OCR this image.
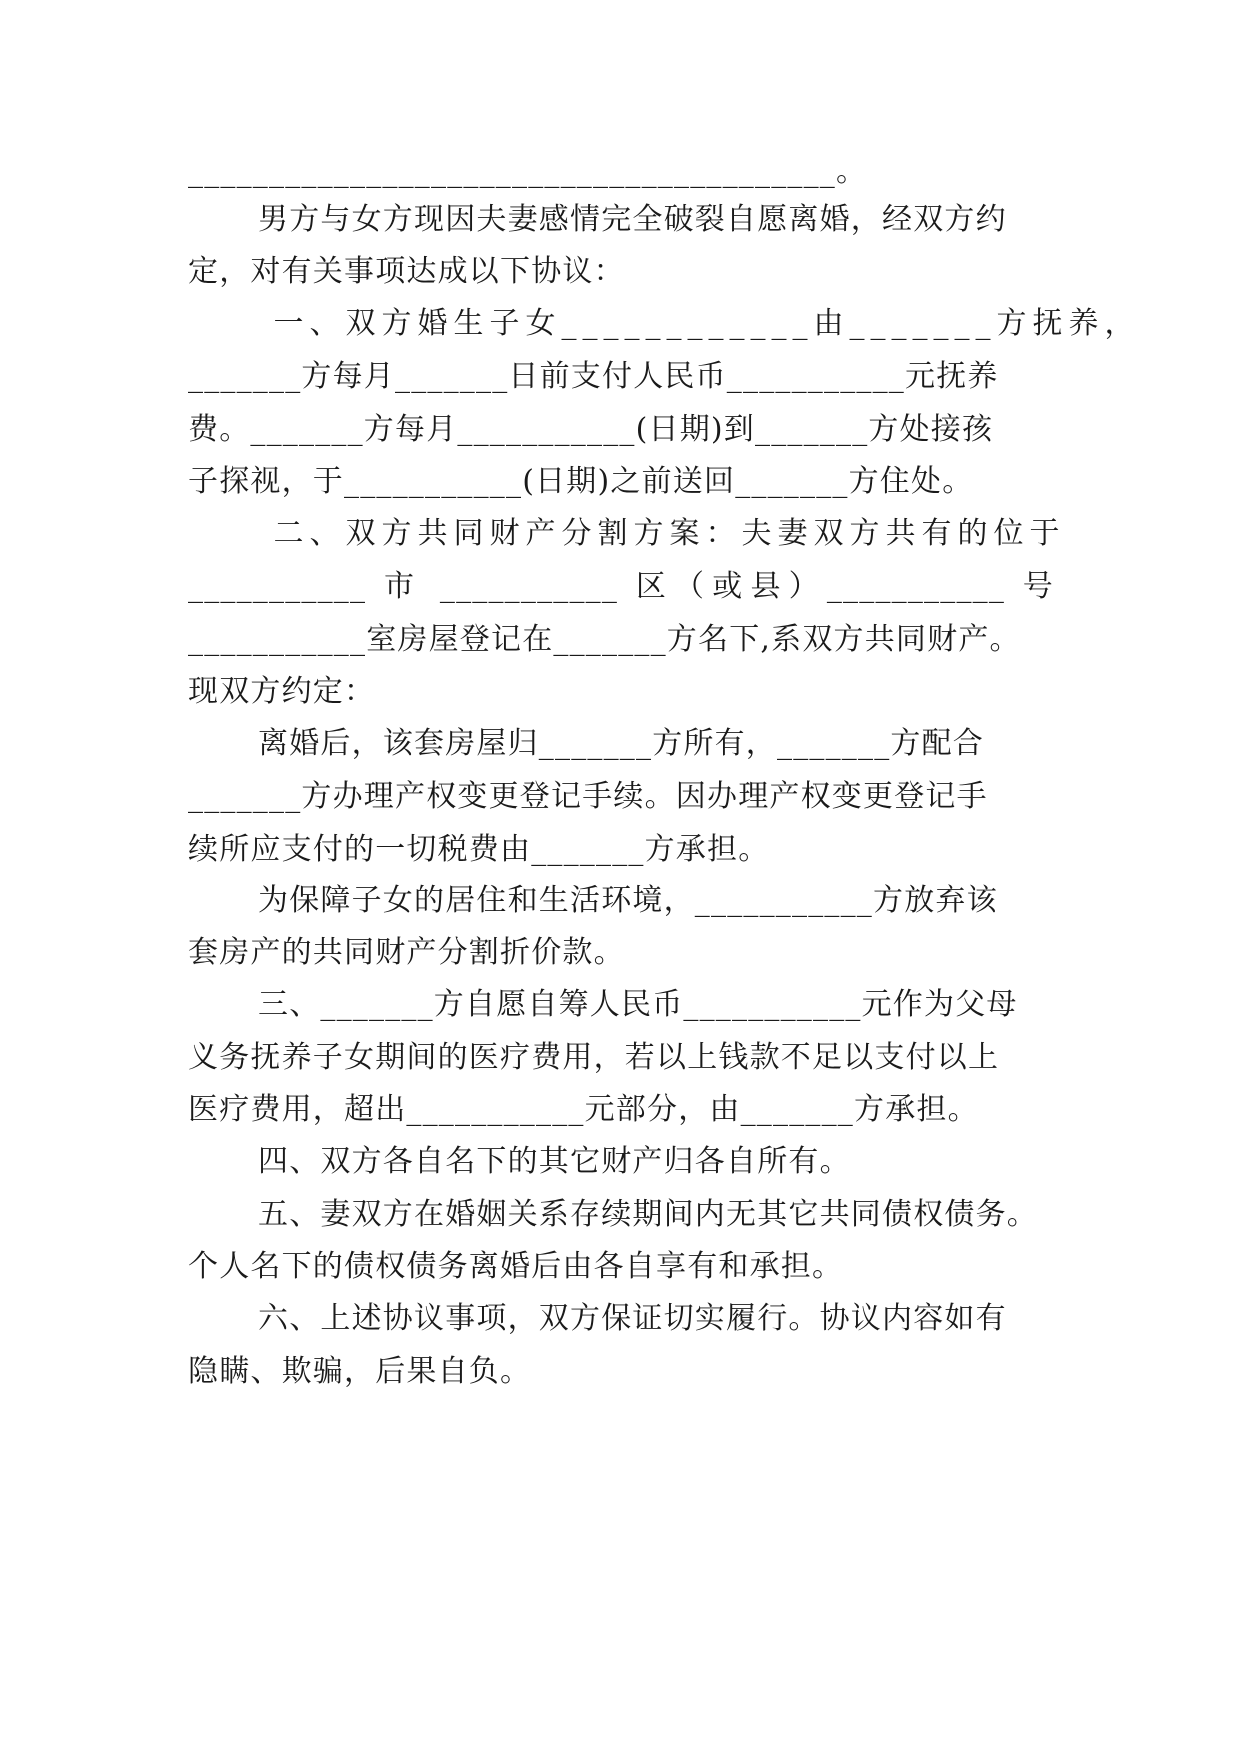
________________________________________。
男方与女方现因夫妻感情完全破裂自愿离婚，经双方约
定，对有关事项达成以下协议：
一、双方婚生子女____________由_______方抚养，
_______方每月_______日前支付人民币___________元抚养
费。_______方每月___________(日期)到_______方处接孩
子探视，于___________(日期)之前送回_______方住处。
二、双方共同财产分割方案：夫妻双方共有的位于
___________ 市 ___________ 区（或县）___________ 号
___________室房屋登记在_______方名下,系双方共同财产。
现双方约定：
离婚后，该套房屋归_______方所有，_______方配合
_______方办理产权变更登记手续。因办理产权变更登记手
续所应支付的一切税费由_______方承担。
为保障子女的居住和生活环境，___________方放弃该
套房产的共同财产分割折价款。
三、_______方自愿自筹人民币___________元作为父母
义务抚养子女期间的医疗费用，若以上钱款不足以支付以上
医疗费用，超出___________元部分，由_______方承担。
四、双方各自名下的其它财产归各自所有。
五、妻双方在婚姻关系存续期间内无其它共同债权债务。
个人名下的债权债务离婚后由各自享有和承担。
六、上述协议事项，双方保证切实履行。协议内容如有
隐瞒、欺骗，后果自负。
